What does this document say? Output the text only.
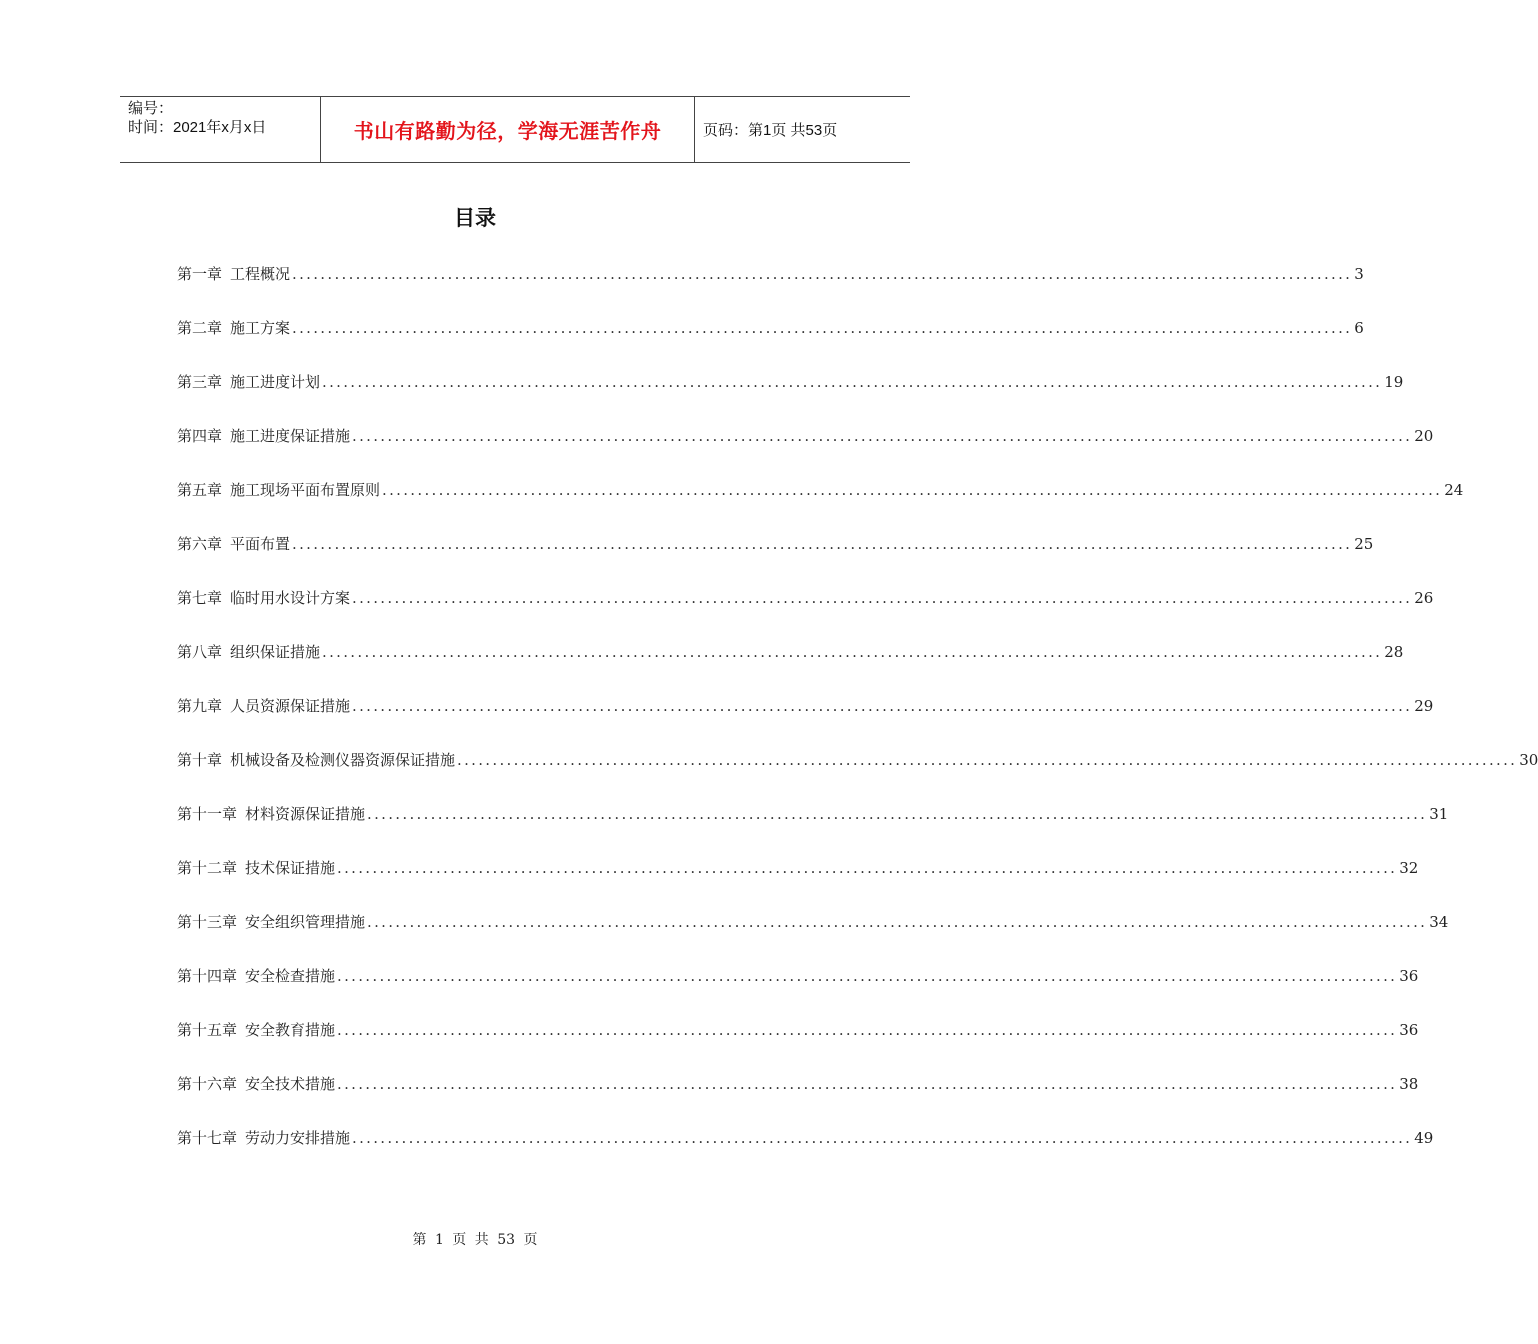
编号：
时间：2021年x月x日	书山有路勤为径，学海无涯苦作舟	页码：第1页 共53页
目录
第一章 工程概况 ...................................................................................................................................................... 3
第二章 施工方案 ...................................................................................................................................................... 6
第三章 施工进度计划 ...................................................................................................................................................... 19
第四章 施工进度保证措施 ...................................................................................................................................................... 20
第五章 施工现场平面布置原则 ...................................................................................................................................................... 24
第六章 平面布置 ...................................................................................................................................................... 25
第七章 临时用水设计方案 ...................................................................................................................................................... 26
第八章 组织保证措施 ...................................................................................................................................................... 28
第九章 人员资源保证措施 ...................................................................................................................................................... 29
第十章 机械设备及检测仪器资源保证措施 ...................................................................................................................................................... 30
第十一章 材料资源保证措施 ...................................................................................................................................................... 31
第十二章 技术保证措施 ...................................................................................................................................................... 32
第十三章 安全组织管理措施 ...................................................................................................................................................... 34
第十四章 安全检查措施 ...................................................................................................................................................... 36
第十五章 安全教育措施 ...................................................................................................................................................... 36
第十六章 安全技术措施 ...................................................................................................................................................... 38
第十七章 劳动力安排措施 ...................................................................................................................................................... 49
第 1 页 共 53 页
